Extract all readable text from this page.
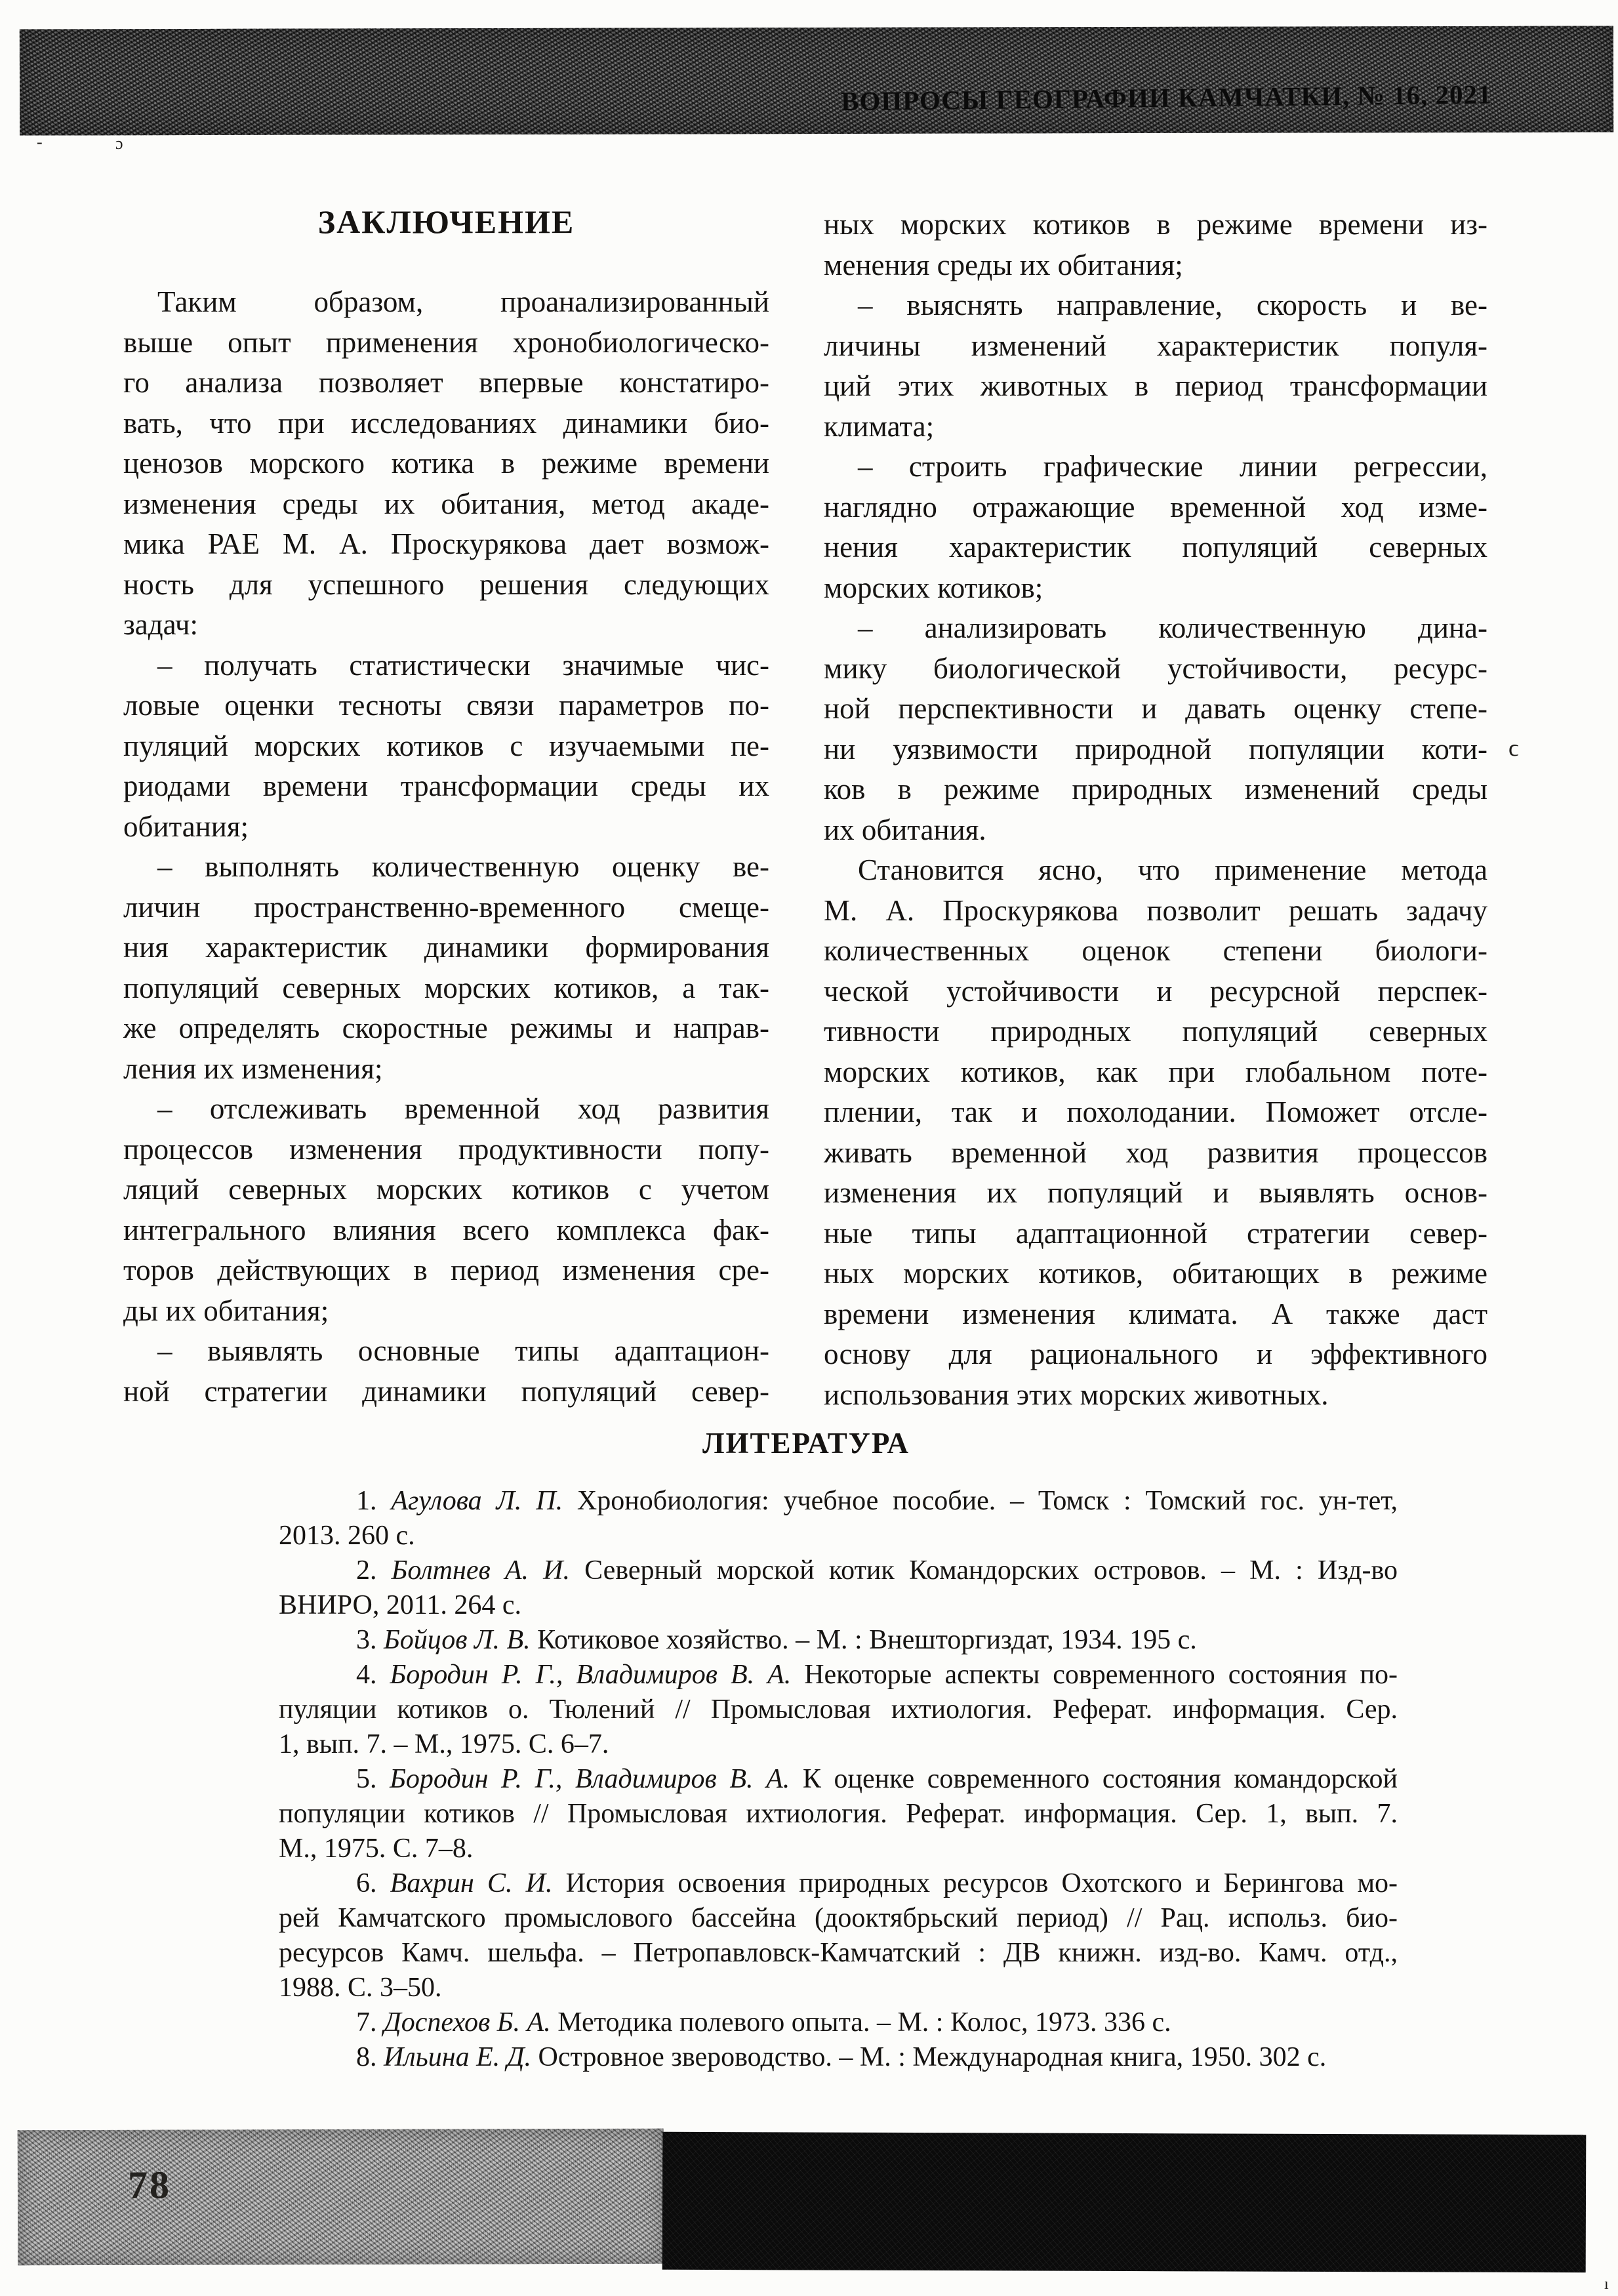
ВОПРОСЫ ГЕОГРАФИИ КАМЧАТКИ, № 16, 2021
ЗАКЛЮЧЕНИЕ
Таким образом, проанализированный
выше опыт применения хронобиологическо-
го анализа позволяет впервые констатиро-
вать, что при исследованиях динамики био-
ценозов морского котика в режиме времени
изменения среды их обитания, метод акаде-
мика РАЕ М. А. Проскурякова дает возмож-
ность для успешного решения следующих
задач:
– получать статистически значимые чис-
ловые оценки тесноты связи параметров по-
пуляций морских котиков с изучаемыми пе-
риодами времени трансформации среды их
обитания;
– выполнять количественную оценку ве-
личин пространственно-временного смеще-
ния характеристик динамики формирования
популяций северных морских котиков, а так-
же определять скоростные режимы и направ-
ления их изменения;
– отслеживать временной ход развития
процессов изменения продуктивности попу-
ляций северных морских котиков с учетом
интегрального влияния всего комплекса фак-
торов действующих в период изменения сре-
ды их обитания;
– выявлять основные типы адаптацион-
ной стратегии динамики популяций север-
ных морских котиков в режиме времени из-
менения среды их обитания;
– выяснять направление, скорость и ве-
личины изменений характеристик популя-
ций этих животных в период трансформации
климата;
– строить графические линии регрессии,
наглядно отражающие временной ход изме-
нения характеристик популяций северных
морских котиков;
– анализировать количественную дина-
мику биологической устойчивости, ресурс-
ной перспективности и давать оценку степе-
ни уязвимости природной популяции коти-
ков в режиме природных изменений среды
их обитания.
Становится ясно, что применение метода
М. А. Проскурякова позволит решать задачу
количественных оценок степени биологи-
ческой устойчивости и ресурсной перспек-
тивности природных популяций северных
морских котиков, как при глобальном поте-
плении, так и похолодании. Поможет отсле-
живать временной ход развития процессов
изменения их популяций и выявлять основ-
ные типы адаптационной стратегии север-
ных морских котиков, обитающих в режиме
времени изменения климата. А также даст
основу для рационального и эффективного
использования этих морских животных.
ЛИТЕРАТУРА
1. Агулова Л. П. Хронобиология: учебное пособие. – Томск : Томский гос. ун-тет,
2013. 260 с.
2. Болтнев А. И. Северный морской котик Командорских островов. – М. : Изд-во
ВНИРО, 2011. 264 с.
3. Бойцов Л. В. Котиковое хозяйство. – М. : Внешторгиздат, 1934. 195 с.
4. Бородин Р. Г., Владимиров В. А. Некоторые аспекты современного состояния по-
пуляции котиков о. Тюлений // Промысловая ихтиология. Реферат. информация. Сер.
1, вып. 7. – М., 1975. С. 6–7.
5. Бородин Р. Г., Владимиров В. А. К оценке современного состояния командорской
популяции котиков // Промысловая ихтиология. Реферат. информация. Сер. 1, вып. 7.
М., 1975. С. 7–8.
6. Вахрин С. И. История освоения природных ресурсов Охотского и Берингова мо-
рей Камчатского промыслового бассейна (дооктябрьский период) // Рац. использ. био-
ресурсов Камч. шельфа. – Петропавловск-Камчатский : ДВ книжн. изд-во. Камч. отд.,
1988. С. 3–50.
7. Доспехов Б. А. Методика полевого опыта. – М. : Колос, 1973. 336 с.
8. Ильина Е. Д. Островное звероводство. – М. : Международная книга, 1950. 302 с.
78
ϲ
ɔ
-
ı
